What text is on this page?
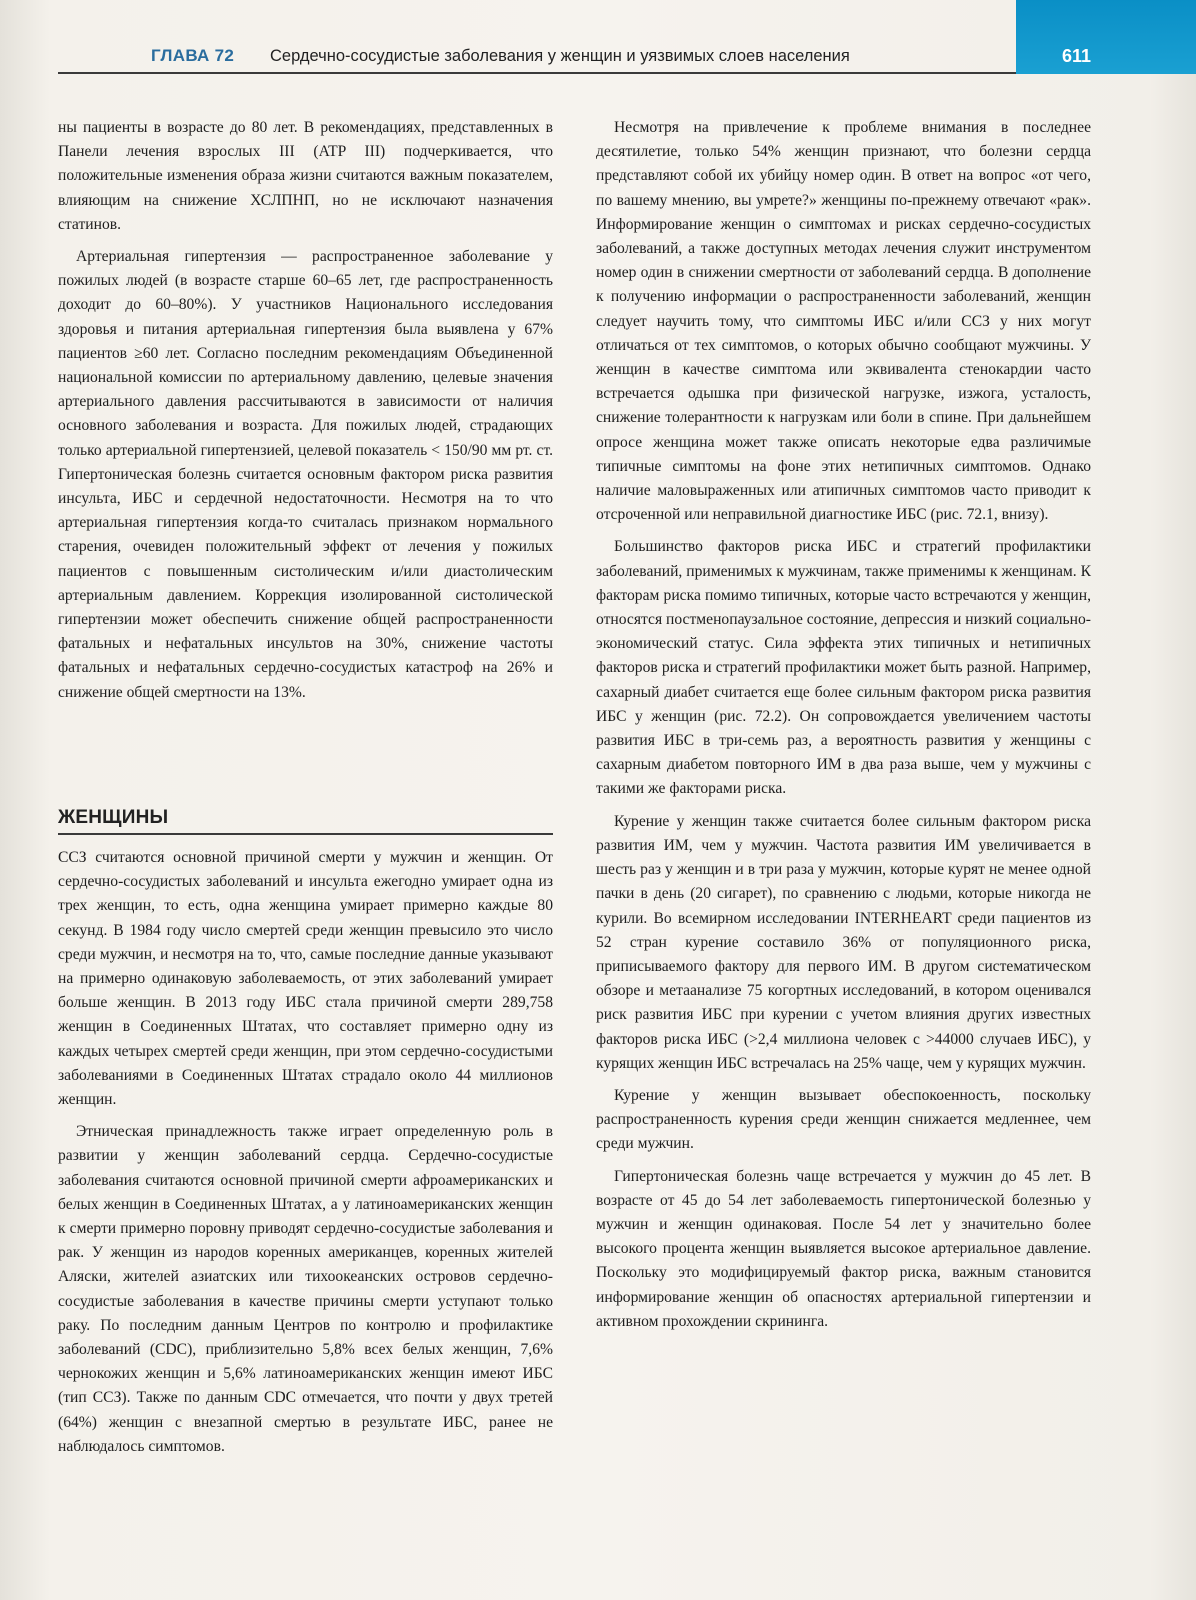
ГЛАВА 72 Сердечно-сосудистые заболевания у женщин и уязвимых слоев населения	611

ны пациенты в возрасте до 80 лет. В рекомендациях, представленных в Панели лечения взрослых III (ATP III) подчеркивается, что положительные изменения образа жизни считаются важным показателем, влияющим на снижение ХСЛПНП, но не исключают назначения статинов.

Артериальная гипертензия — распространенное заболевание у пожилых людей (в возрасте старше 60–65 лет, где распространенность доходит до 60–80%). У участников Национального исследования здоровья и питания артериальная гипертензия была выявлена у 67% пациентов ≥60 лет. Согласно последним рекомендациям Объединенной национальной комиссии по артериальному давлению, целевые значения артериального давления рассчитываются в зависимости от наличия основного заболевания и возраста. Для пожилых людей, страдающих только артериальной гипертензией, целевой показатель < 150/90 мм рт. ст. Гипертоническая болезнь считается основным фактором риска развития инсульта, ИБС и сердечной недостаточности. Несмотря на то что артериальная гипертензия когда-то считалась признаком нормального старения, очевиден положительный эффект от лечения у пожилых пациентов с повышенным систолическим и/или диастолическим артериальным давлением. Коррекция изолированной систолической гипертензии может обеспечить снижение общей распространенности фатальных и нефатальных инсультов на 30%, снижение частоты фатальных и нефатальных сердечно-сосудистых катастроф на 26% и снижение общей смертности на 13%.

ЖЕНЩИНЫ

ССЗ считаются основной причиной смерти у мужчин и женщин. От сердечно-сосудистых заболеваний и инсульта ежегодно умирает одна из трех женщин, то есть, одна женщина умирает примерно каждые 80 секунд. В 1984 году число смертей среди женщин превысило это число среди мужчин, и несмотря на то, что, самые последние данные указывают на примерно одинаковую заболеваемость, от этих заболеваний умирает больше женщин. В 2013 году ИБС стала причиной смерти 289,758 женщин в Соединенных Штатах, что составляет примерно одну из каждых четырех смертей среди женщин, при этом сердечно-сосудистыми заболеваниями в Соединенных Штатах страдало около 44 миллионов женщин.

Этническая принадлежность также играет определенную роль в развитии у женщин заболеваний сердца. Сердечно-сосудистые заболевания считаются основной причиной смерти афроамериканских и белых женщин в Соединенных Штатах, а у латиноамериканских женщин к смерти примерно поровну приводят сердечно-сосудистые заболевания и рак. У женщин из народов коренных американцев, коренных жителей Аляски, жителей азиатских или тихоокеанских островов сердечно-сосудистые заболевания в качестве причины смерти уступают только раку. По последним данным Центров по контролю и профилактике заболеваний (CDC), приблизительно 5,8% всех белых женщин, 7,6% чернокожих женщин и 5,6% латиноамериканских женщин имеют ИБС (тип ССЗ). Также по данным CDC отмечается, что почти у двух третей (64%) женщин с внезапной смертью в результате ИБС, ранее не наблюдалось симптомов.

Несмотря на привлечение к проблеме внимания в последнее десятилетие, только 54% женщин признают, что болезни сердца представляют собой их убийцу номер один. В ответ на вопрос «от чего, по вашему мнению, вы умрете?» женщины по-прежнему отвечают «рак». Информирование женщин о симптомах и рисках сердечно-сосудистых заболеваний, а также доступных методах лечения служит инструментом номер один в снижении смертности от заболеваний сердца. В дополнение к получению информации о распространенности заболеваний, женщин следует научить тому, что симптомы ИБС и/или ССЗ у них могут отличаться от тех симптомов, о которых обычно сообщают мужчины. У женщин в качестве симптома или эквивалента стенокардии часто встречается одышка при физической нагрузке, изжога, усталость, снижение толерантности к нагрузкам или боли в спине. При дальнейшем опросе женщина может также описать некоторые едва различимые типичные симптомы на фоне этих нетипичных симптомов. Однако наличие маловыраженных или атипичных симптомов часто приводит к отсроченной или неправильной диагностике ИБС (рис. 72.1, внизу).

Большинство факторов риска ИБС и стратегий профилактики заболеваний, применимых к мужчинам, также применимы к женщинам. К факторам риска помимо типичных, которые часто встречаются у женщин, относятся постменопаузальное состояние, депрессия и низкий социально-экономический статус. Сила эффекта этих типичных и нетипичных факторов риска и стратегий профилактики может быть разной. Например, сахарный диабет считается еще более сильным фактором риска развития ИБС у женщин (рис. 72.2). Он сопровождается увеличением частоты развития ИБС в три-семь раз, а вероятность развития у женщины с сахарным диабетом повторного ИМ в два раза выше, чем у мужчины с такими же факторами риска.

Курение у женщин также считается более сильным фактором риска развития ИМ, чем у мужчин. Частота развития ИМ увеличивается в шесть раз у женщин и в три раза у мужчин, которые курят не менее одной пачки в день (20 сигарет), по сравнению с людьми, которые никогда не курили. Во всемирном исследовании INTERHEART среди пациентов из 52 стран курение составило 36% от популяционного риска, приписываемого фактору для первого ИМ. В другом систематическом обзоре и метаанализе 75 когортных исследований, в котором оценивался риск развития ИБС при курении с учетом влияния других известных факторов риска ИБС (>2,4 миллиона человек с >44000 случаев ИБС), у курящих женщин ИБС встречалась на 25% чаще, чем у курящих мужчин.

Курение у женщин вызывает обеспокоенность, поскольку распространенность курения среди женщин снижается медленнее, чем среди мужчин.

Гипертоническая болезнь чаще встречается у мужчин до 45 лет. В возрасте от 45 до 54 лет заболеваемость гипертонической болезнью у мужчин и женщин одинаковая. После 54 лет у значительно более высокого процента женщин выявляется высокое артериальное давление. Поскольку это модифицируемый фактор риска, важным становится информирование женщин об опасностях артериальной гипертензии и активном прохождении скрининга.
